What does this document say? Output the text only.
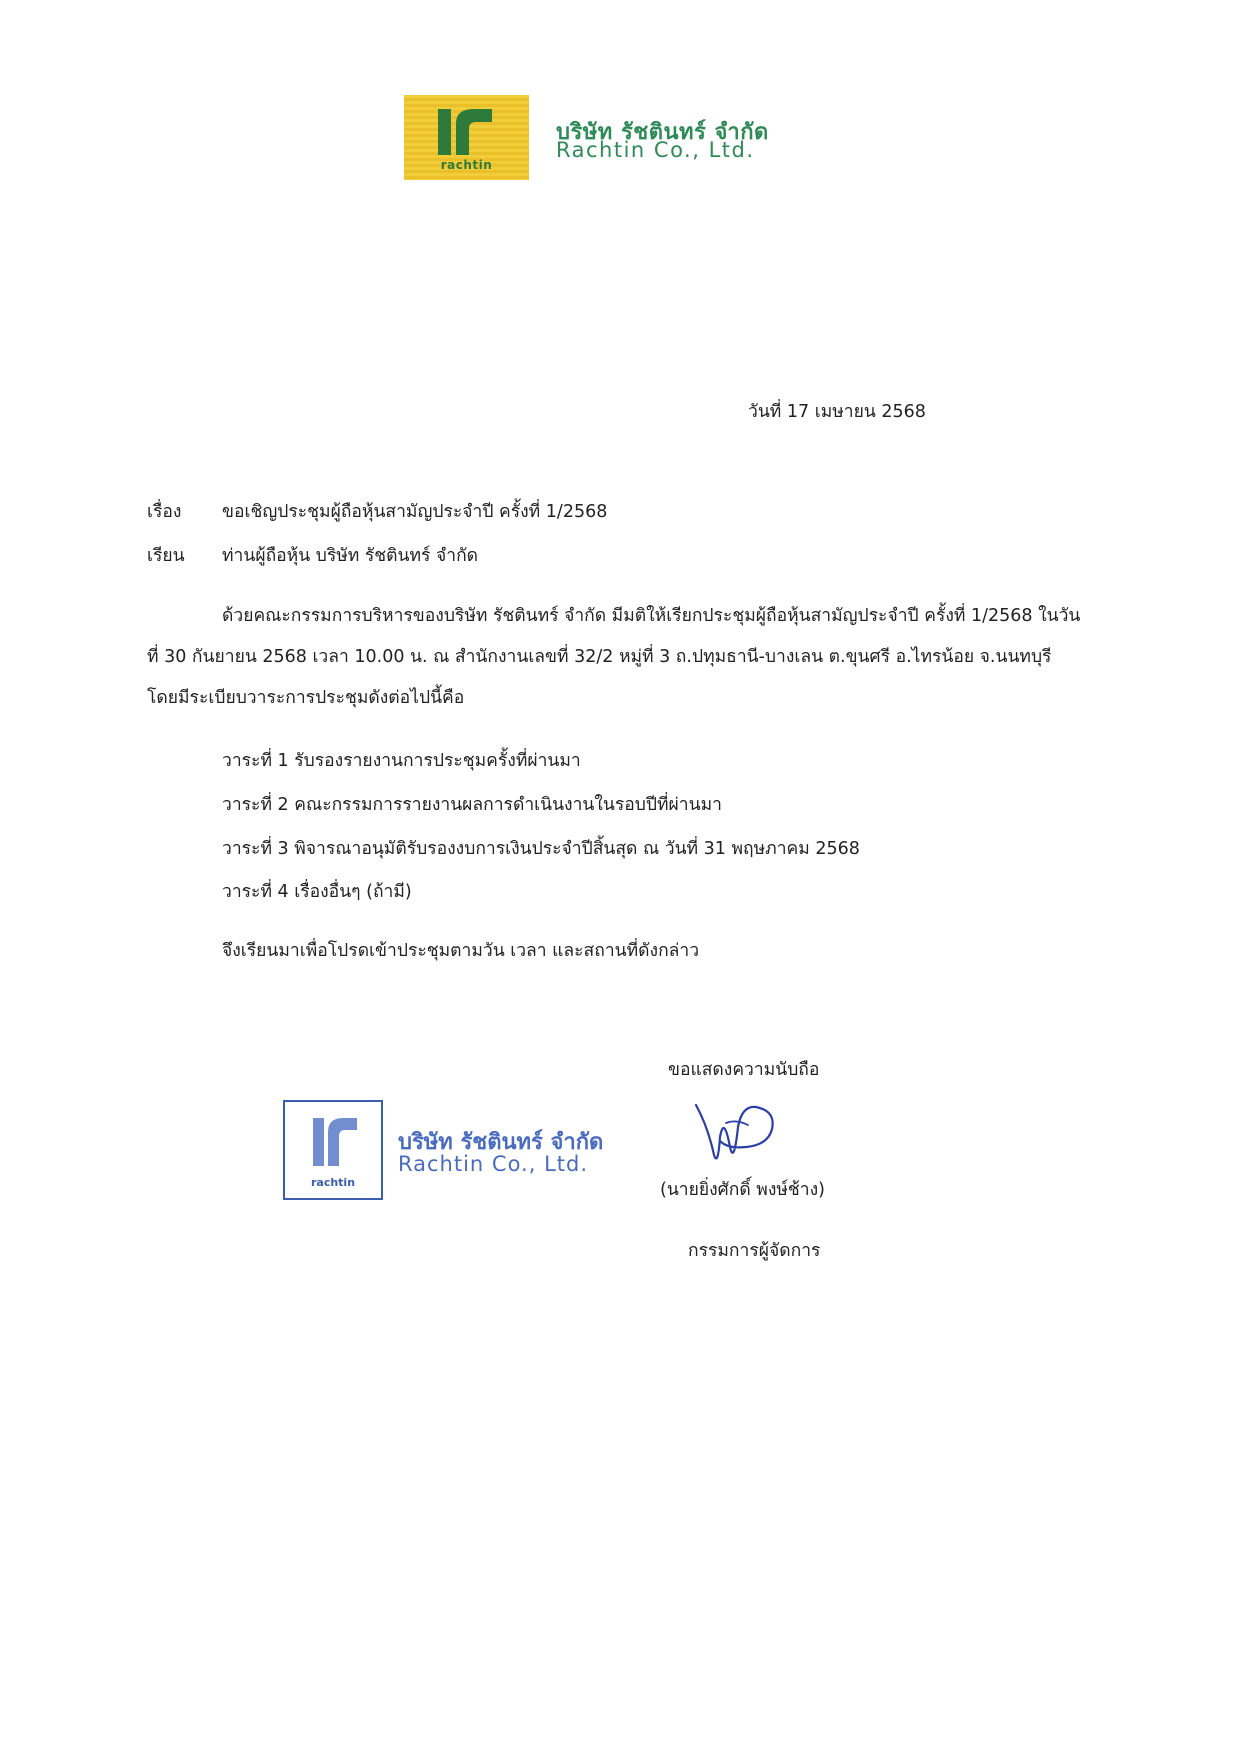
rachtin
บริษัท รัชตินทร์ จำกัด
Rachtin Co., Ltd.
วันที่ 17 เมษายน 2568
เรื่อง ขอเชิญประชุมผู้ถือหุ้นสามัญประจำปี ครั้งที่ 1/2568
เรียน ท่านผู้ถือหุ้น บริษัท รัชตินทร์ จำกัด
ด้วยคณะกรรมการบริหารของบริษัท รัชตินทร์ จำกัด มีมติให้เรียกประชุมผู้ถือหุ้นสามัญประจำปี ครั้งที่ 1/2568 ในวันที่ 30 กันยายน 2568 เวลา 10.00 น. ณ สำนักงานเลขที่ 32/2 หมู่ที่ 3 ถ.ปทุมธานี-บางเลน ต.ขุนศรี อ.ไทรน้อย จ.นนทบุรี โดยมีระเบียบวาระการประชุมดังต่อไปนี้คือ
วาระที่ 1 รับรองรายงานการประชุมครั้งที่ผ่านมา
วาระที่ 2 คณะกรรมการรายงานผลการดำเนินงานในรอบปีที่ผ่านมา
วาระที่ 3 พิจารณาอนุมัติรับรองงบการเงินประจำปีสิ้นสุด ณ วันที่ 31 พฤษภาคม 2568
วาระที่ 4 เรื่องอื่นๆ (ถ้ามี)
จึงเรียนมาเพื่อโปรดเข้าประชุมตามวัน เวลา และสถานที่ดังกล่าว
ขอแสดงความนับถือ
(นายยิ่งศักดิ์ พงษ์ช้าง)
กรรมการผู้จัดการ
rachtin
บริษัท รัชตินทร์ จำกัด
Rachtin Co., Ltd.
